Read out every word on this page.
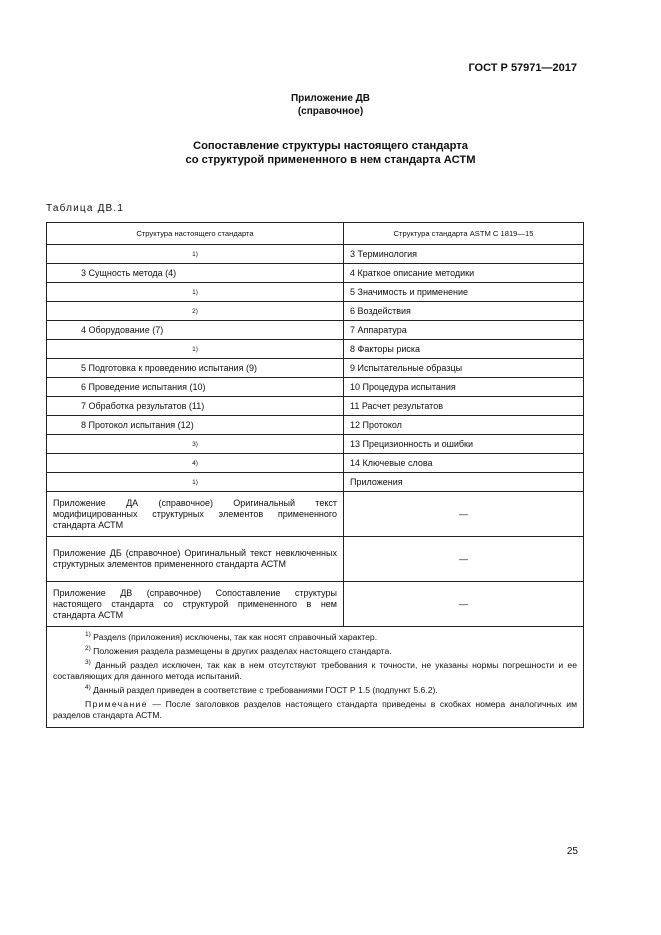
ГОСТ Р 57971—2017
Приложение ДВ
(справочное)
Сопоставление структуры настоящего стандарта
со структурой примененного в нем стандарта АСТМ
Таблица ДВ.1
Структура настоящего стандарта	Структура стандарта ASTM C 1819—15
1)	3 Терминология
3 Сущность метода (4)	4 Краткое описание методики
1)	5 Значимость и применение
2)	6 Воздействия
4 Оборудование (7)	7 Аппаратура
1)	8 Факторы риска
5 Подготовка к проведению испытания (9)	9 Испытательные образцы
6 Проведение испытания (10)	10 Процедура испытания
7 Обработка результатов (11)	11 Расчет результатов
8 Протокол испытания (12)	12 Протокол
3)	13 Прецизионность и ошибки
4)	14 Ключевые слова
1)	Приложения
Приложение ДА (справочное) Оригинальный текст модифицированных структурных элементов примененного стандарта АСТМ	—
Приложение ДБ (справочное) Оригинальный текст невключенных структурных элементов примененного стандарта АСТМ	—
Приложение ДВ (справочное) Сопоставление структуры настоящего стандарта со структурой примененного в нем стандарта АСТМ	—

$^{1)}$ Разделs (приложения) исключены, так как носят справочный характер.
$^{2)}$ Положения раздела размещены в других разделах настоящего стандарта.
$^{3)}$ Данный раздел исключен, так как в нем отсутствуют требования к точности, не указаны нормы погрешности и ее составляющих для данного метода испытаний.
$^{4)}$ Данный раздел приведен в соответствие с требованиями ГОСТ Р 1.5 (подпункт 5.6.2).
Примечание — После заголовков разделов настоящего стандарта приведены в скобках номера аналогичных им разделов стандарта АСТМ.	
25
